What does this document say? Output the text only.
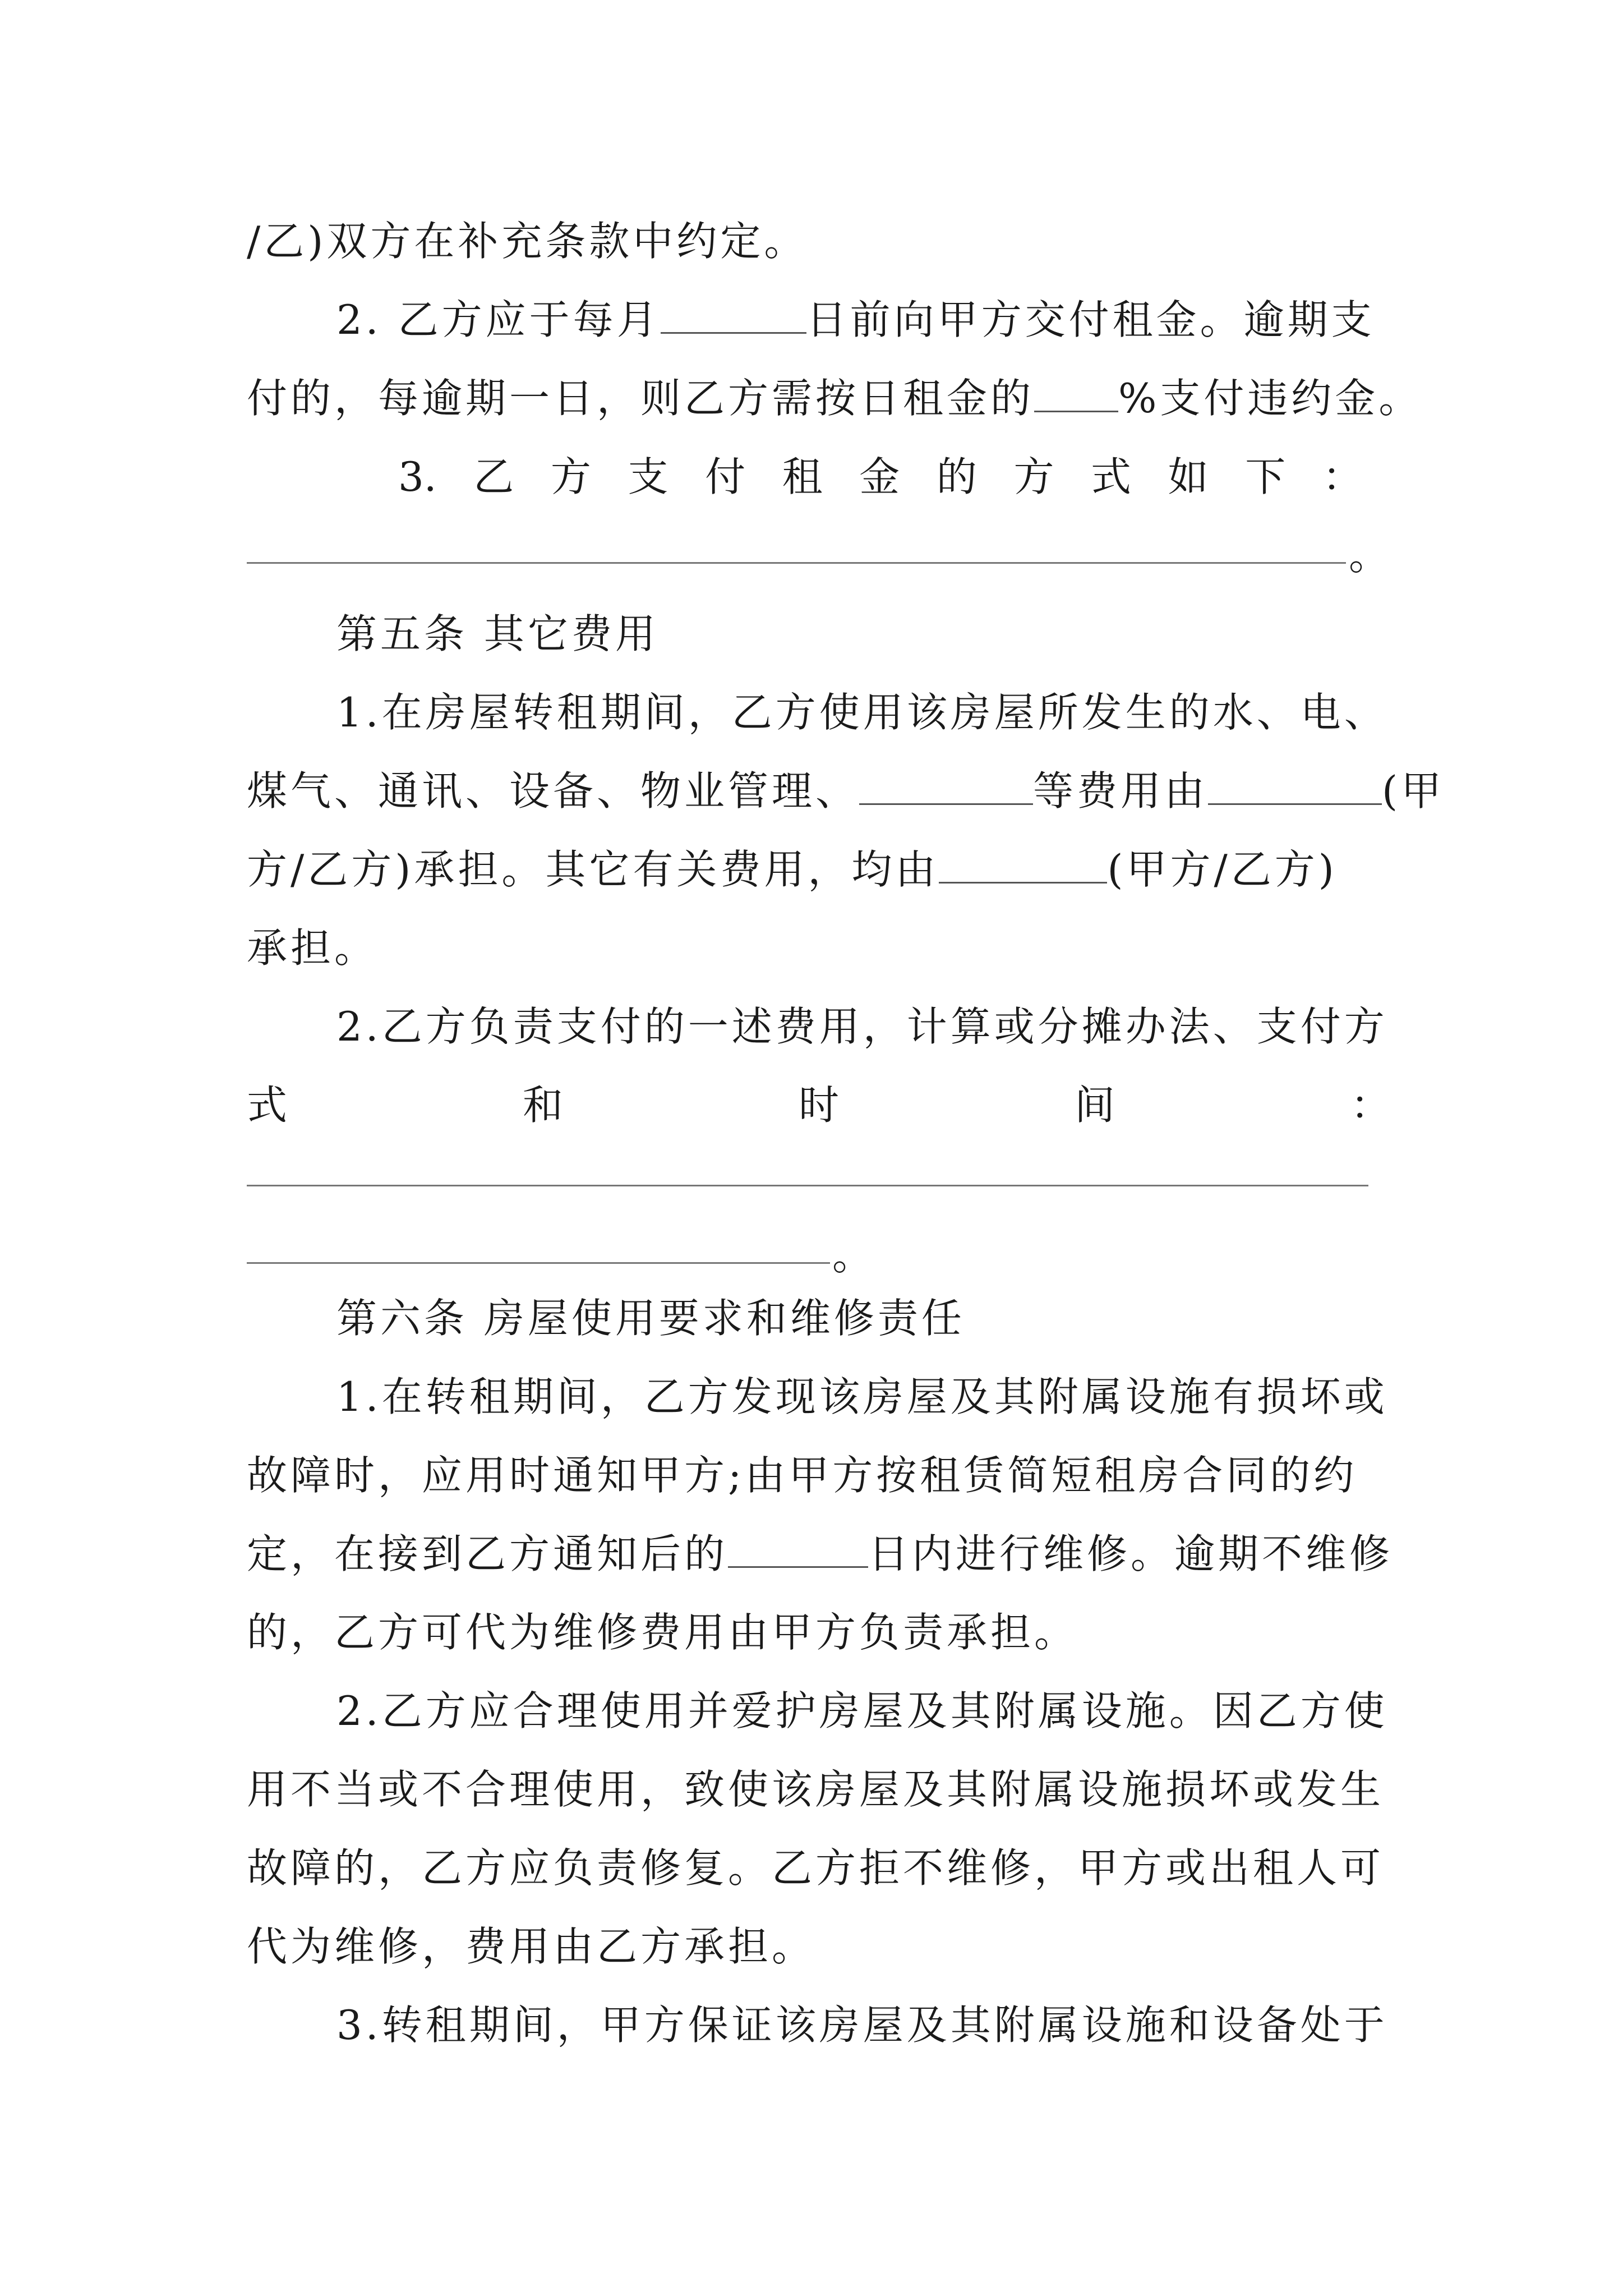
/乙)双方在补充条款中约定。
2. 乙方应于每月	日前向甲方交付租金。逾期支
付的，每逾期一日，则乙方需按日租金的 %支付违约金。
3. 乙 方 支 付 租 金 的 方 式 如 下 ：
。
第五条 其它费用
1.在房屋转租期间，乙方使用该房屋所发生的水、电、
煤气、通讯、设备、物业管理、	等费用由	(甲
方/乙方)承担。其它有关费用，均由	(甲方/乙方)
承担。
2.乙方负责支付的一述费用，计算或分摊办法、支付方
式	和	时	间	：
。
第六条 房屋使用要求和维修责任
1.在转租期间，乙方发现该房屋及其附属设施有损坏或
故障时，应用时通知甲方;由甲方按租赁简短租房合同的约
定，在接到乙方通知后的	日内进行维修。逾期不维修
的，乙方可代为维修费用由甲方负责承担。
2.乙方应合理使用并爱护房屋及其附属设施。因乙方使
用不当或不合理使用，致使该房屋及其附属设施损坏或发生
故障的，乙方应负责修复。乙方拒不维修，甲方或出租人可
代为维修，费用由乙方承担。
3.转租期间，甲方保证该房屋及其附属设施和设备处于
